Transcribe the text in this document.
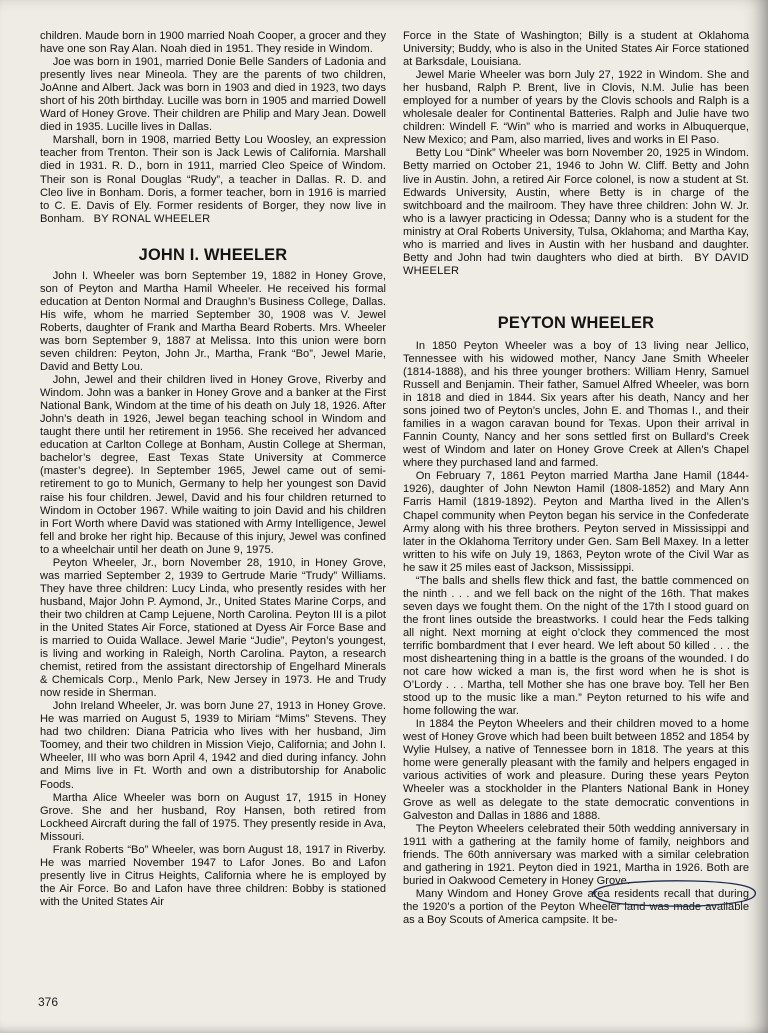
children. Maude born in 1900 married Noah Cooper, a grocer and they have one son Ray Alan. Noah died in 1951. They reside in Windom.

Joe was born in 1901, married Donie Belle Sanders of Ladonia and presently lives near Mineola. They are the parents of two children, JoAnne and Albert. Jack was born in 1903 and died in 1923, two days short of his 20th birthday. Lucille was born in 1905 and married Dowell Ward of Honey Grove. Their children are Philip and Mary Jean. Dowell died in 1935. Lucille lives in Dallas.

Marshall, born in 1908, married Betty Lou Woosley, an expression teacher from Trenton. Their son is Jack Lewis of California. Marshall died in 1931. R. D., born in 1911, married Cleo Speice of Windom. Their son is Ronal Douglas “Rudy”, a teacher in Dallas. R. D. and Cleo live in Bonham. Doris, a former teacher, born in 1916 is married to C. E. Davis of Ely. Former residents of Borger, they now live in Bonham. BY RONAL WHEELER

JOHN I. WHEELER

John I. Wheeler was born September 19, 1882 in Honey Grove, son of Peyton and Martha Hamil Wheeler. He received his formal education at Denton Normal and Draughn’s Business College, Dallas. His wife, whom he married September 30, 1908 was V. Jewel Roberts, daughter of Frank and Martha Beard Roberts. Mrs. Wheeler was born September 9, 1887 at Melissa. Into this union were born seven children: Peyton, John Jr., Martha, Frank “Bo”, Jewel Marie, David and Betty Lou.

John, Jewel and their children lived in Honey Grove, Riverby and Windom. John was a banker in Honey Grove and a banker at the First National Bank, Windom at the time of his death on July 18, 1926. After John’s death in 1926, Jewel began teaching school in Windom and taught there until her retirement in 1956. She received her advanced education at Carlton College at Bonham, Austin College at Sherman, bachelor’s degree, East Texas State University at Commerce (master’s degree). In September 1965, Jewel came out of semi-retirement to go to Munich, Germany to help her youngest son David raise his four children. Jewel, David and his four children returned to Windom in October 1967. While waiting to join David and his children in Fort Worth where David was stationed with Army Intelligence, Jewel fell and broke her right hip. Because of this injury, Jewel was confined to a wheelchair until her death on June 9, 1975.

Peyton Wheeler, Jr., born November 28, 1910, in Honey Grove, was married September 2, 1939 to Gertrude Marie “Trudy” Williams. They have three children: Lucy Linda, who presently resides with her husband, Major John P. Aymond, Jr., United States Marine Corps, and their two children at Camp Lejuene, North Carolina. Peyton III is a pilot in the United States Air Force, stationed at Dyess Air Force Base and is married to Ouida Wallace. Jewel Marie “Judie”, Peyton’s youngest, is living and working in Raleigh, North Carolina. Payton, a research chemist, retired from the assistant directorship of Engelhard Minerals & Chemicals Corp., Menlo Park, New Jersey in 1973. He and Trudy now reside in Sherman.

John Ireland Wheeler, Jr. was born June 27, 1913 in Honey Grove. He was married on August 5, 1939 to Miriam “Mims” Stevens. They had two children: Diana Patricia who lives with her husband, Jim Toomey, and their two children in Mission Viejo, California; and John I. Wheeler, III who was born April 4, 1942 and died during infancy. John and Mims live in Ft. Worth and own a distributorship for Anabolic Foods.

Martha Alice Wheeler was born on August 17, 1915 in Honey Grove. She and her husband, Roy Hansen, both retired from Lockheed Aircraft during the fall of 1975. They presently reside in Ava, Missouri.

Frank Roberts “Bo” Wheeler, was born August 18, 1917 in Riverby. He was married November 1947 to Lafor Jones. Bo and Lafon presently live in Citrus Heights, California where he is employed by the Air Force. Bo and Lafon have three children: Bobby is stationed with the United States Air

Force in the State of Washington; Billy is a student at Oklahoma University; Buddy, who is also in the United States Air Force stationed at Barksdale, Louisiana.

Jewel Marie Wheeler was born July 27, 1922 in Windom. She and her husband, Ralph P. Brent, live in Clovis, N.M. Julie has been employed for a number of years by the Clovis schools and Ralph is a wholesale dealer for Continental Batteries. Ralph and Julie have two children: Windell F. “Win” who is married and works in Albuquerque, New Mexico; and Pam, also married, lives and works in El Paso.

Betty Lou “Dink” Wheeler was born November 20, 1925 in Windom. Betty married on October 21, 1946 to John W. Cliff. Betty and John live in Austin. John, a retired Air Force colonel, is now a student at St. Edwards University, Austin, where Betty is in charge of the switchboard and the mailroom. They have three children: John W. Jr. who is a lawyer practicing in Odessa; Danny who is a student for the ministry at Oral Roberts University, Tulsa, Oklahoma; and Martha Kay, who is married and lives in Austin with her husband and daughter. Betty and John had twin daughters who died at birth. BY DAVID WHEELER

PEYTON WHEELER

In 1850 Peyton Wheeler was a boy of 13 living near Jellico, Tennessee with his widowed mother, Nancy Jane Smith Wheeler (1814-1888), and his three younger brothers: William Henry, Samuel Russell and Benjamin. Their father, Samuel Alfred Wheeler, was born in 1818 and died in 1844. Six years after his death, Nancy and her sons joined two of Peyton’s uncles, John E. and Thomas I., and their families in a wagon caravan bound for Texas. Upon their arrival in Fannin County, Nancy and her sons settled first on Bullard’s Creek west of Windom and later on Honey Grove Creek at Allen’s Chapel where they purchased land and farmed.

On February 7, 1861 Peyton married Martha Jane Hamil (1844-1926), daughter of John Newton Hamil (1808-1852) and Mary Ann Farris Hamil (1819-1892). Peyton and Martha lived in the Allen’s Chapel community when Peyton began his service in the Confederate Army along with his three brothers. Peyton served in Mississippi and later in the Oklahoma Territory under Gen. Sam Bell Maxey. In a letter written to his wife on July 19, 1863, Peyton wrote of the Civil War as he saw it 25 miles east of Jackson, Mississippi.

“The balls and shells flew thick and fast, the battle commenced on the ninth . . . and we fell back on the night of the 16th. That makes seven days we fought them. On the night of the 17th I stood guard on the front lines outside the breastworks. I could hear the Feds talking all night. Next morning at eight o’clock they commenced the most terrific bombardment that I ever heard. We left about 50 killed . . . the most disheartening thing in a battle is the groans of the wounded. I do not care how wicked a man is, the first word when he is shot is O’Lordy . . . Martha, tell Mother she has one brave boy. Tell her Ben stood up to the music like a man.” Peyton returned to his wife and home following the war.

In 1884 the Peyton Wheelers and their children moved to a home west of Honey Grove which had been built between 1852 and 1854 by Wylie Hulsey, a native of Tennessee born in 1818. The years at this home were generally pleasant with the family and helpers engaged in various activities of work and pleasure. During these years Peyton Wheeler was a stockholder in the Planters National Bank in Honey Grove as well as delegate to the state democratic conventions in Galveston and Dallas in 1886 and 1888.

The Peyton Wheelers celebrated their 50th wedding anniversary in 1911 with a gathering at the family home of family, neighbors and friends. The 60th anniversary was marked with a similar celebration and gathering in 1921. Peyton died in 1921, Martha in 1926. Both are buried in Oakwood Cemetery in Honey Grove.

Many Windom and Honey Grove area residents recall that during the 1920’s a portion of the Peyton Wheeler land was made available as a Boy Scouts of America campsite. It be-

376
